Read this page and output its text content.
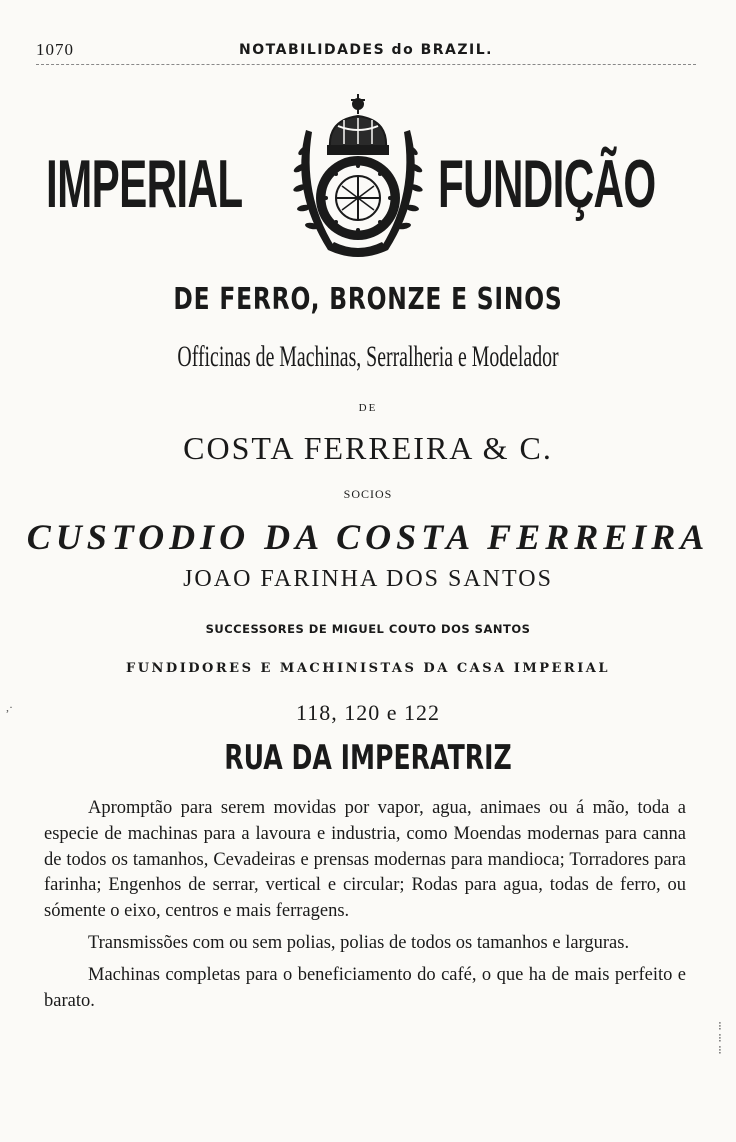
1070	NOTABILIDADES do BRAZIL.
IMPERIAL	FUNDIÇÃO
DE FERRO, BRONZE E SINOS
Officinas de Machinas, Serralheria e Modelador
DE
COSTA FERREIRA & C.
SOCIOS
CUSTODIO DA COSTA FERREIRA
JOAO FARINHA DOS SANTOS
SUCCESSORES DE MIGUEL COUTO DOS SANTOS
FUNDIDORES E MACHINISTAS DA CASA IMPERIAL
118, 120 e 122
RUA DA IMPERATRIZ

Apromptão para serem movidas por vapor, agua, animaes ou á mão, toda a especie de machinas para a lavoura e industria, como Moendas modernas para canna de todos os tamanhos, Cevadeiras e prensas modernas para mandioca; Torradores para farinha; Engenhos de serrar, vertical e circular; Rodas para agua, todas de ferro, ou sómente o eixo, centros e mais ferragens.

Transmissões com ou sem polias, polias de todos os tamanhos e larguras.

Machinas completas para o beneficiamento do café, o que ha de mais perfeito e barato.

,·
⁝
⁝
⁝
